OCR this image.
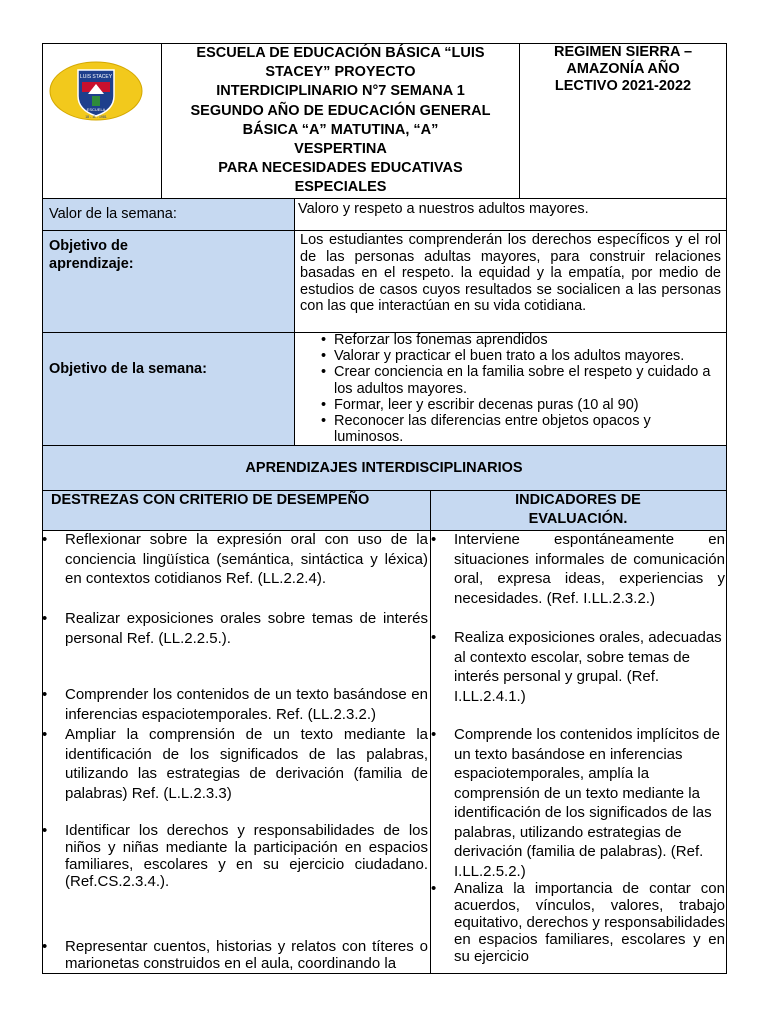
LUIS STACEY
ESCUELA
18 - 11 - 1981
ESCUELA DE EDUCACIÓN BÁSICA “LUIS
STACEY” PROYECTO
INTERDICIPLINARIO N°7 SEMANA 1
SEGUNDO AÑO DE EDUCACIÓN GENERAL
BÁSICA “A” MATUTINA, “A”
VESPERTINA
PARA NECESIDADES EDUCATIVAS
ESPECIALES
REGIMEN SIERRA –
AMAZONÍA AÑO
LECTIVO 2021-2022
Valor de la semana:	Valoro y respeto a nuestros adultos mayores.
Objetivo de
aprendizaje:
Los estudiantes comprenderán los derechos específicos y el rol de las personas adultas mayores, para construir relaciones basadas en el respeto. la equidad y la empatía, por medio de estudios de casos cuyos resultados se socialicen a las personas con las que interactúan en su vida cotidiana.
Objetivo de la semana:
• Reforzar los fonemas aprendidos
• Valorar y practicar el buen trato a los adultos mayores.
• Crear conciencia en la familia sobre el respeto y cuidado a los adultos mayores.
• Formar, leer y escribir decenas puras (10 al 90)
• Reconocer las diferencias entre objetos opacos y luminosos.
APRENDIZAJES INTERDISCIPLINARIOS
DESTREZAS CON CRITERIO DE DESEMPEÑO	INDICADORES DE
EVALUACIÓN.
• Reflexionar sobre la expresión oral con uso de la conciencia lingüística (semántica, sintáctica y léxica) en contextos cotidianos Ref. (LL.2.2.4).
• Realizar exposiciones orales sobre temas de interés personal Ref. (LL.2.2.5.).
• Comprender los contenidos de un texto basándose en inferencias espaciotemporales. Ref. (LL.2.3.2.)
• Ampliar la comprensión de un texto mediante la identificación de los significados de las palabras, utilizando las estrategias de derivación (familia de palabras) Ref. (L.L.2.3.3)
• Identificar los derechos y responsabilidades de los niños y niñas mediante la participación en espacios familiares, escolares y en su ejercicio ciudadano. (Ref.CS.2.3.4.).
• Representar cuentos, historias y relatos con títeres o marionetas construidos en el aula, coordinando la
• Interviene espontáneamente en situaciones informales de comunicación oral, expresa ideas, experiencias y necesidades. (Ref. I.LL.2.3.2.)
• Realiza exposiciones orales, adecuadas al contexto escolar, sobre temas de interés personal y grupal. (Ref. I.LL.2.4.1.)
• Comprende los contenidos implícitos de un texto basándose en inferencias espaciotemporales, amplía la comprensión de un texto mediante la identificación de los significados de las palabras, utilizando estrategias de derivación (familia de palabras). (Ref. I.LL.2.5.2.)
• Analiza la importancia de contar con acuerdos, vínculos, valores, trabajo equitativo, derechos y responsabilidades en espacios familiares, escolares y en su ejercicio
